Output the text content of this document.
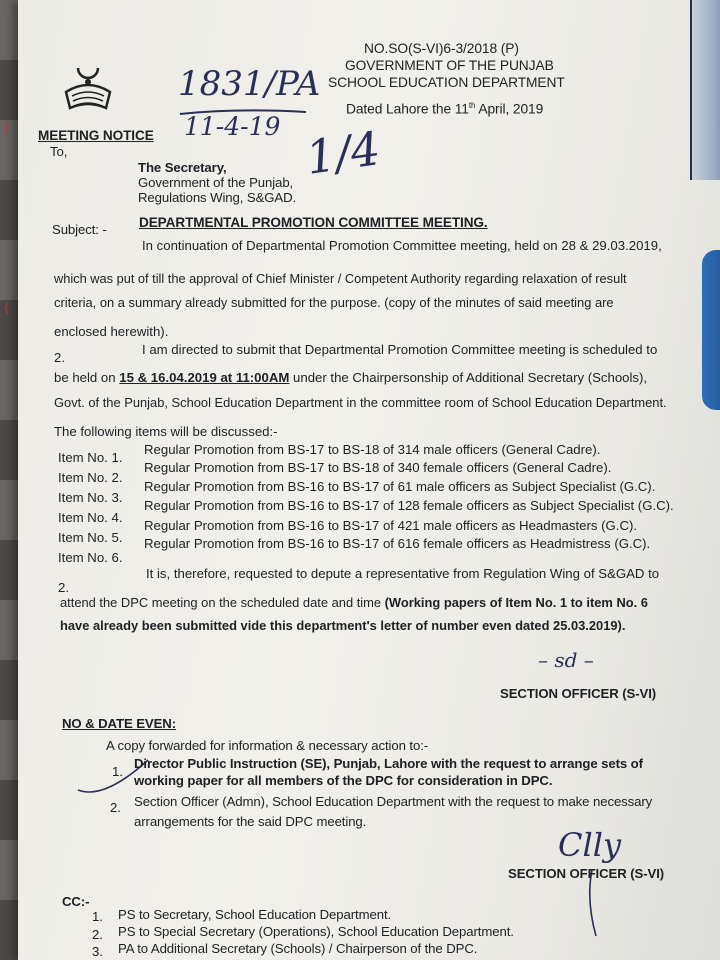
⟨
⟨
NO.SO(S-VI)6-3/2018 (P)
GOVERNMENT OF THE PUNJAB
SCHOOL EDUCATION DEPARTMENT
Dated Lahore the 11th April, 2019
1831/PA
11-4-19 1/4
MEETING NOTICE
To,
The Secretary,
Government of the Punjab,
Regulations Wing, S&GAD.
Subject: - DEPARTMENTAL PROMOTION COMMITTEE MEETING.
In continuation of Departmental Promotion Committee meeting, held on 28 & 29.03.2019,
which was put of till the approval of Chief Minister / Competent Authority regarding relaxation of result
criteria, on a summary already submitted for the purpose. (copy of the minutes of said meeting are
enclosed herewith).
2.
I am directed to submit that Departmental Promotion Committee meeting is scheduled to
be held on 15 & 16.04.2019 at 11:00AM under the Chairpersonship of Additional Secretary (Schools),
Govt. of the Punjab, School Education Department in the committee room of School Education Department.
The following items will be discussed:-
Item No. 1.
Regular Promotion from BS-17 to BS-18 of 314 male officers (General Cadre).
Item No. 2.
Regular Promotion from BS-17 to BS-18 of 340 female officers (General Cadre).
Item No. 3.
Regular Promotion from BS-16 to BS-17 of 61 male officers as Subject Specialist (G.C).
Item No. 4.
Regular Promotion from BS-16 to BS-17 of 128 female officers as Subject Specialist (G.C).
Item No. 5.
Regular Promotion from BS-16 to BS-17 of 421 male officers as Headmasters (G.C).
Item No. 6.
Regular Promotion from BS-16 to BS-17 of 616 female officers as Headmistress (G.C).
2.
It is, therefore, requested to depute a representative from Regulation Wing of S&GAD to
attend the DPC meeting on the scheduled date and time (Working papers of Item No. 1 to item No. 6
have already been submitted vide this department's letter of number even dated 25.03.2019).
– sd –
SECTION OFFICER (S-VI)
NO & DATE EVEN:
A copy forwarded for information & necessary action to:-
1.
Director Public Instruction (SE), Punjab, Lahore with the request to arrange sets of
working paper for all members of the DPC for consideration in DPC.
2. Section Officer (Admn), School Education Department with the request to make necessary
arrangements for the said DPC meeting.
Clly
SECTION OFFICER (S-VI)
CC:-
1. PS to Secretary, School Education Department.
2. PS to Special Secretary (Operations), School Education Department.
3. PA to Additional Secretary (Schools) / Chairperson of the DPC.
